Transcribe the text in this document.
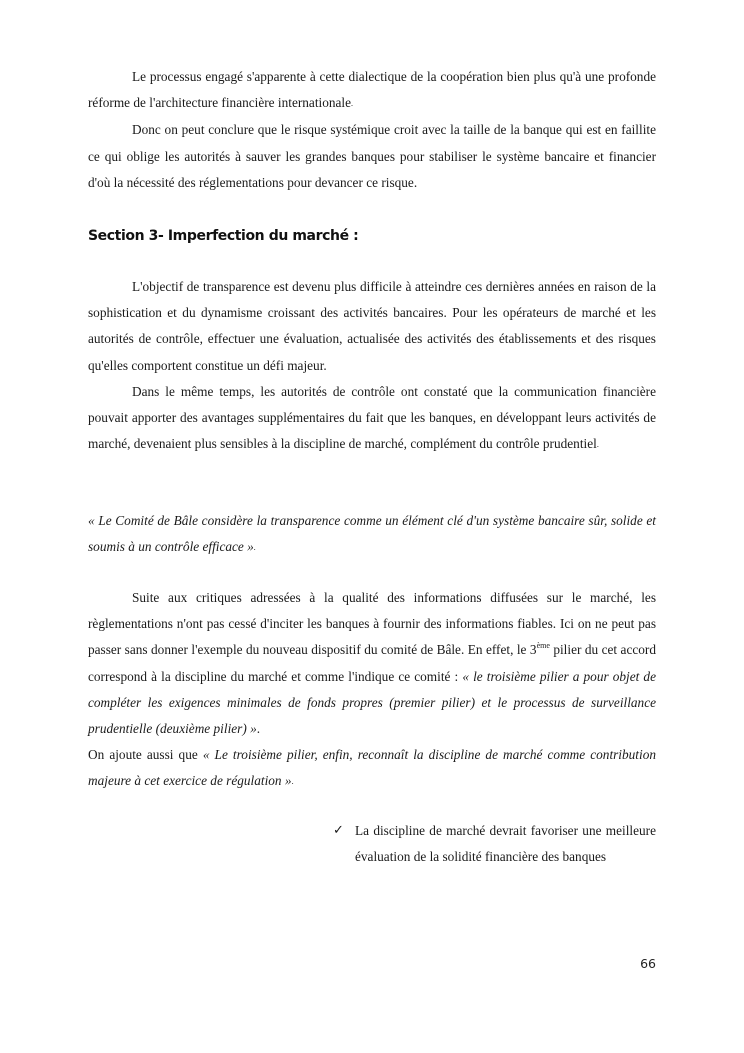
Le processus engagé s'apparente à cette dialectique de la coopération bien plus qu'à une profonde réforme de l'architecture financière internationale.

Donc on peut conclure que le risque systémique croit avec la taille de la banque qui est en faillite ce qui oblige les autorités à sauver les grandes banques pour stabiliser le système bancaire et financier d'où la nécessité des réglementations pour devancer ce risque.

Section 3- Imperfection du marché :

L'objectif de transparence est devenu plus difficile à atteindre ces dernières années en raison de la sophistication et du dynamisme croissant des activités bancaires. Pour les opérateurs de marché et les autorités de contrôle, effectuer une évaluation, actualisée des activités des établissements et des risques qu'elles comportent constitue un défi majeur.

Dans le même temps, les autorités de contrôle ont constaté que la communication financière pouvait apporter des avantages supplémentaires du fait que les banques, en développant leurs activités de marché, devenaient plus sensibles à la discipline de marché, complément du contrôle prudentiel.

« Le Comité de Bâle considère la transparence comme un élément clé d'un système bancaire sûr, solide et soumis à un contrôle efficace ».

Suite aux critiques adressées à la qualité des informations diffusées sur le marché, les règlementations n'ont pas cessé d'inciter les banques à fournir des informations fiables. Ici on ne peut pas passer sans donner l'exemple du nouveau dispositif du comité de Bâle. En effet, le 3ème pilier du cet accord correspond à la discipline du marché et comme l'indique ce comité : « le troisième pilier a pour objet de compléter les exigences minimales de fonds propres (premier pilier) et le processus de surveillance prudentielle (deuxième pilier) ».

On ajoute aussi que « Le troisième pilier, enfin, reconnaît la discipline de marché comme contribution majeure à cet exercice de régulation ».

✓ La discipline de marché devrait favoriser une meilleure évaluation de la solidité financière des banques
66
